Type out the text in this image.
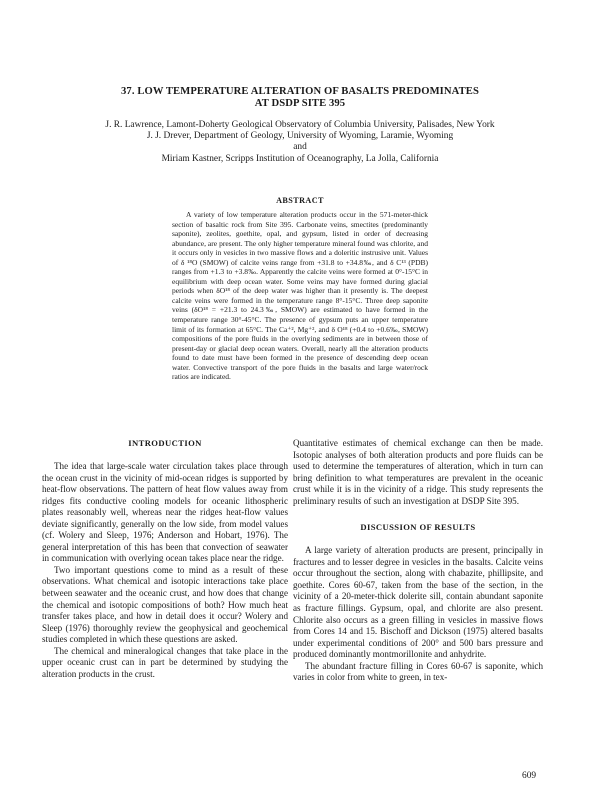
37. LOW TEMPERATURE ALTERATION OF BASALTS PREDOMINATES
AT DSDP SITE 395
J. R. Lawrence, Lamont-Doherty Geological Observatory of Columbia University, Palisades, New York
J. J. Drever, Department of Geology, University of Wyoming, Laramie, Wyoming
and
Miriam Kastner, Scripps Institution of Oceanography, La Jolla, California
ABSTRACT

A variety of low temperature alteration products occur in the 571-meter-thick section of basaltic rock from Site 395. Carbonate veins, smectites (predominantly saponite), zeolites, goethite, opal, and gypsum, listed in order of decreasing abundance, are present. The only higher temperature mineral found was chlorite, and it occurs only in vesicles in two massive flows and a doleritic instrusive unit. Values of δ ¹⁸O (SMOW) of calcite veins range from +31.8 to +34.8‰, and δ C¹³ (PDB) ranges from +1.3 to +3.8‰. Apparently the calcite veins were formed at 0°-15°C in equilibrium with deep ocean water. Some veins may have formed during glacial periods when δO¹⁸ of the deep water was higher than it presently is. The deepest calcite veins were formed in the temperature range 8°-15°C. Three deep saponite veins (δO¹⁸ = +21.3 to 24.3‰, SMOW) are estimated to have formed in the temperature range 30°-45°C. The presence of gypsum puts an upper temperature limit of its formation at 65°C. The Ca⁺², Mg⁺², and δ O¹⁸ (+0.4 to +0.6‰, SMOW) compositions of the pore fluids in the overlying sediments are in between those of present-day or glacial deep ocean waters. Overall, nearly all the alteration products found to date must have been formed in the presence of descending deep ocean water. Convective transport of the pore fluids in the basalts and large water/rock ratios are indicated.

INTRODUCTION

The idea that large-scale water circulation takes place through the ocean crust in the vicinity of mid-ocean ridges is supported by heat-flow observations. The pattern of heat flow values away from ridges fits conductive cooling models for oceanic lithospheric plates reasonably well, whereas near the ridges heat-flow values deviate significantly, generally on the low side, from model values (cf. Wolery and Sleep, 1976; Anderson and Hobart, 1976). The general interpretation of this has been that convection of seawater in communication with overlying ocean takes place near the ridge.

Two important questions come to mind as a result of these observations. What chemical and isotopic interactions take place between seawater and the oceanic crust, and how does that change the chemical and isotopic compositions of both? How much heat transfer takes place, and how in detail does it occur? Wolery and Sleep (1976) thoroughly review the geophysical and geochemical studies completed in which these questions are asked.

The chemical and mineralogical changes that take place in the upper oceanic crust can in part be determined by studying the alteration products in the crust.

Quantitative estimates of chemical exchange can then be made. Isotopic analyses of both alteration products and pore fluids can be used to determine the temperatures of alteration, which in turn can bring definition to what temperatures are prevalent in the oceanic crust while it is in the vicinity of a ridge. This study represents the preliminary results of such an investigation at DSDP Site 395.

DISCUSSION OF RESULTS

A large variety of alteration products are present, principally in fractures and to lesser degree in vesicles in the basalts. Calcite veins occur throughout the section, along with chabazite, phillipsite, and goethite. Cores 60-67, taken from the base of the section, in the vicinity of a 20-meter-thick dolerite sill, contain abundant saponite as fracture fillings. Gypsum, opal, and chlorite are also present. Chlorite also occurs as a green filling in vesicles in massive flows from Cores 14 and 15. Bischoff and Dickson (1975) altered basalts under experimental conditions of 200° and 500 bars pressure and produced dominantly montmorillonite and anhydrite.

The abundant fracture filling in Cores 60-67 is saponite, which varies in color from white to green, in tex-

609
